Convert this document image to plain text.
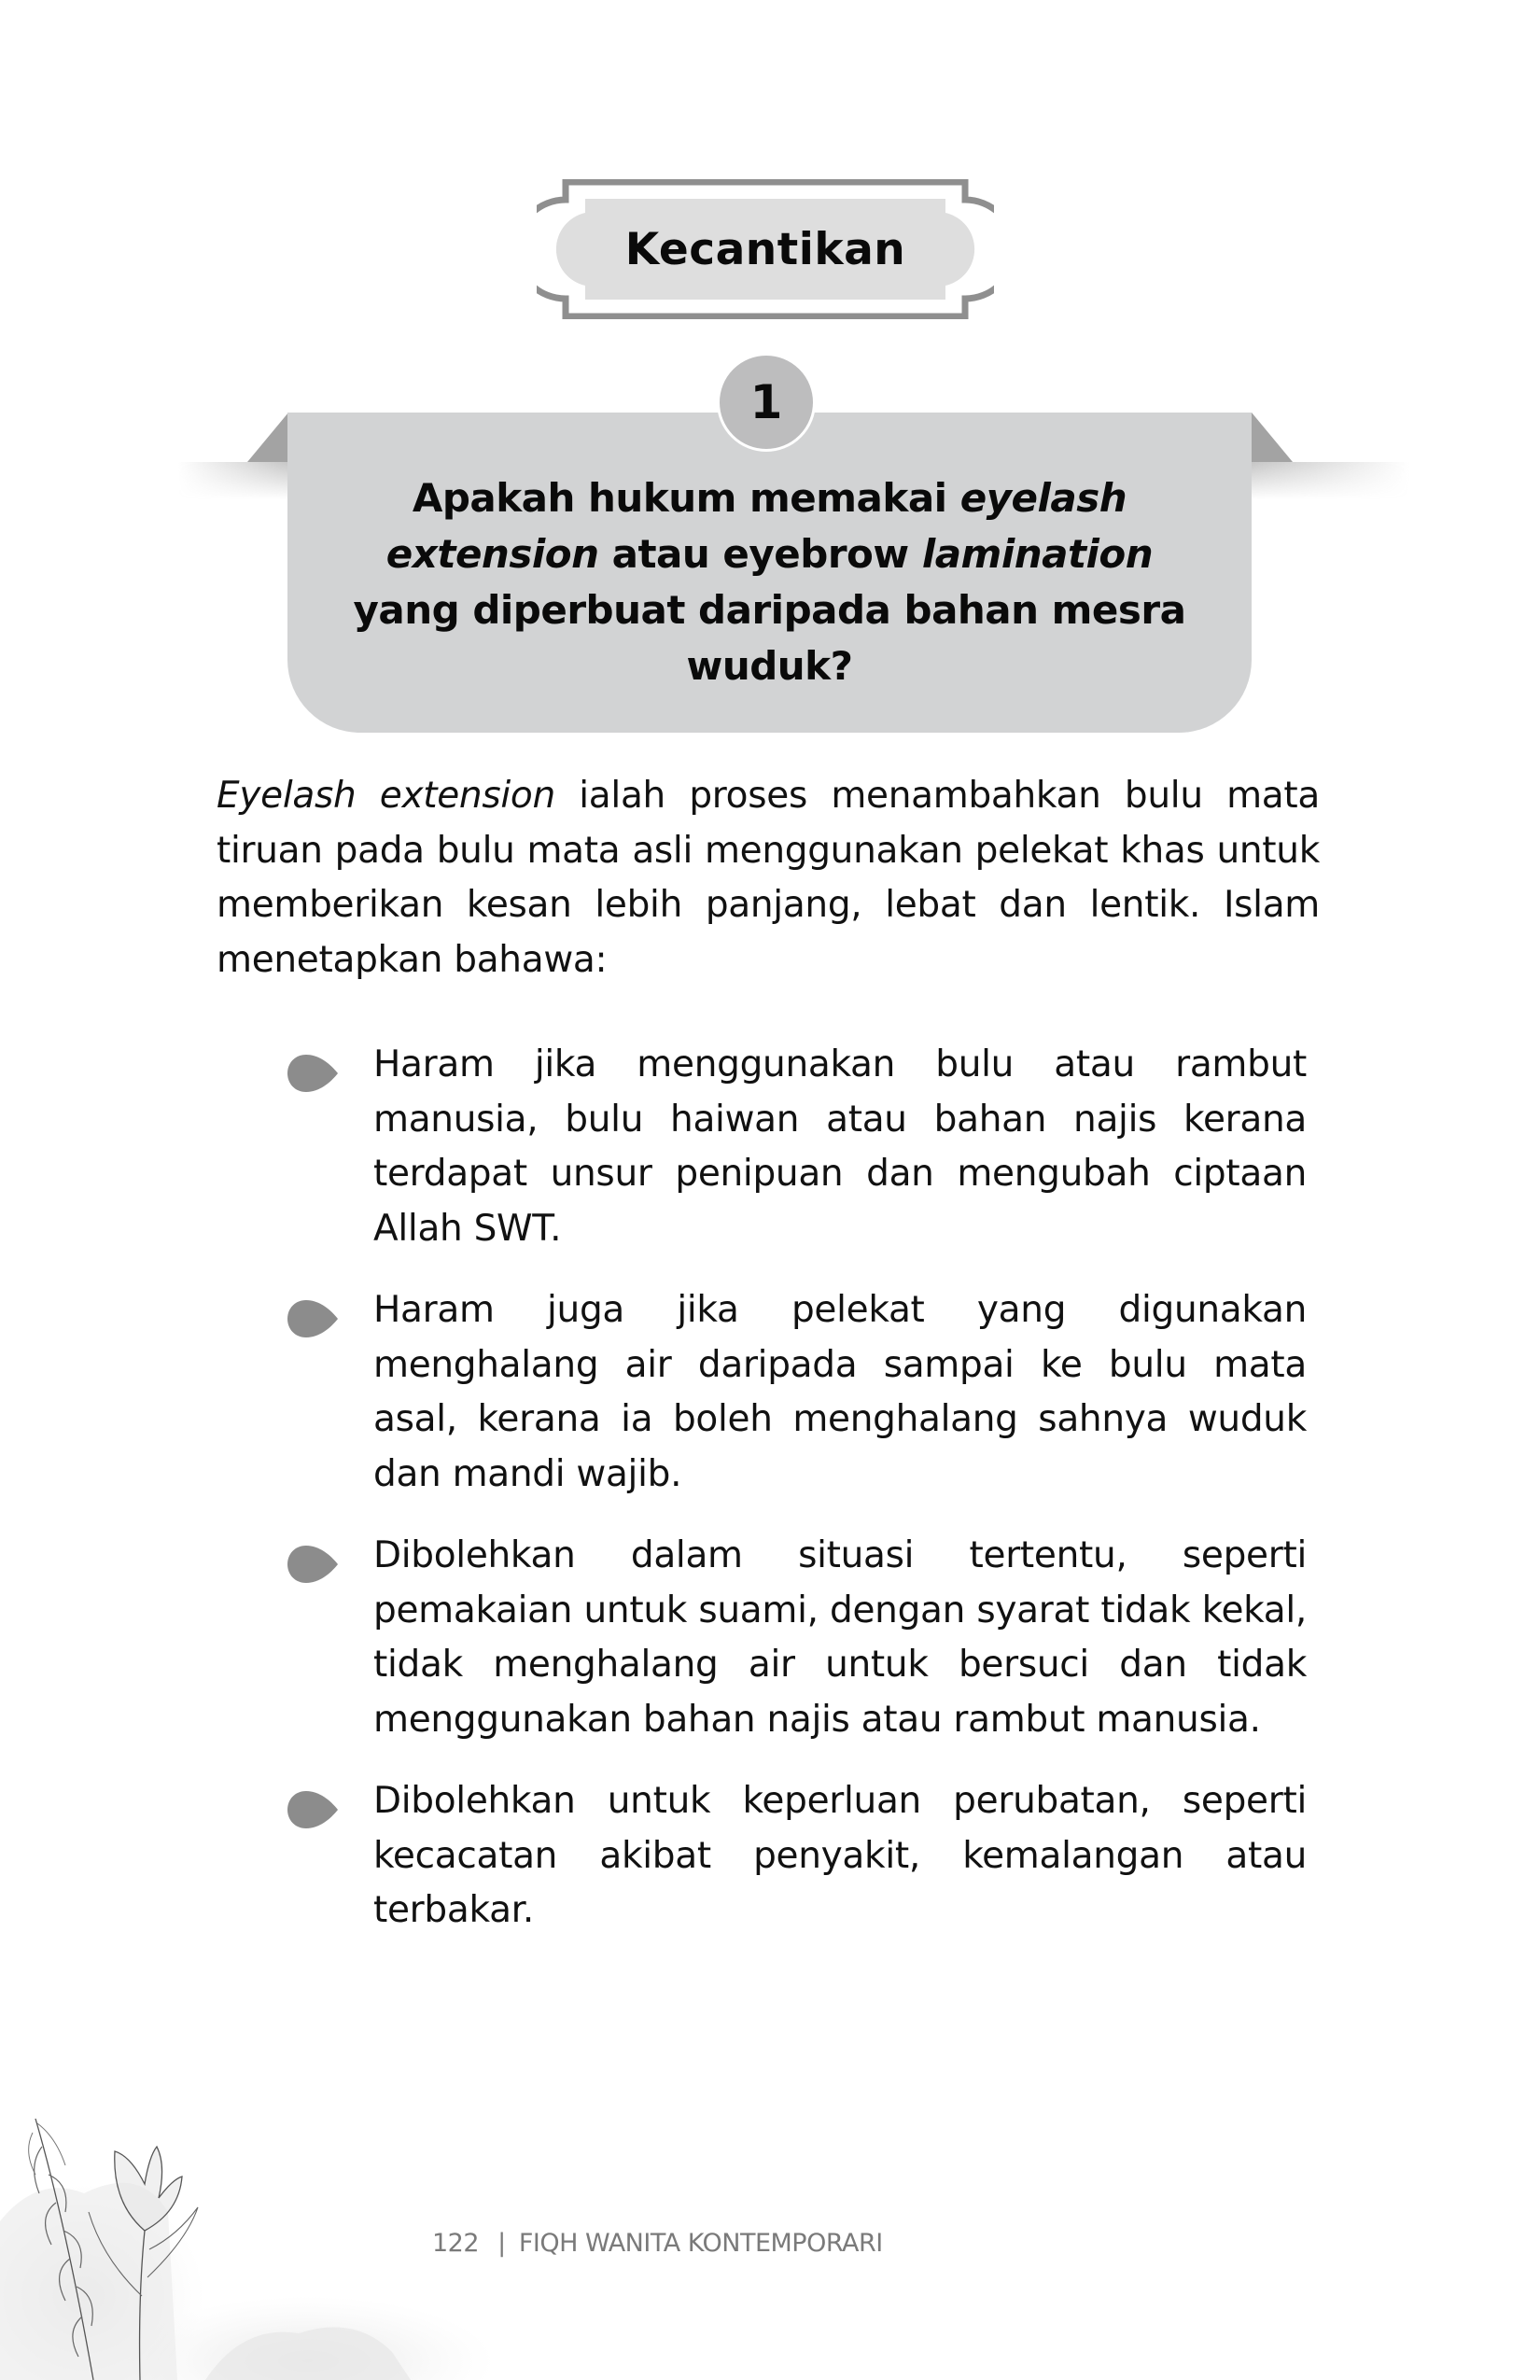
Kecantikan
1
Apakah hukum memakai eyelash
extension atau eyebrow lamination
yang diperbuat daripada bahan mesra
wuduk?

Eyelash extension ialah proses menambahkan bulu mata tiruan pada bulu mata asli menggunakan pelekat khas untuk memberikan kesan lebih panjang, lebat dan lentik. Islam menetapkan bahawa:

Haram jika menggunakan bulu atau rambut manusia, bulu haiwan atau bahan najis kerana terdapat unsur penipuan dan mengubah ciptaan Allah SWT.
Haram juga jika pelekat yang digunakan menghalang air daripada sampai ke bulu mata asal, kerana ia boleh menghalang sahnya wuduk dan mandi wajib.
Dibolehkan dalam situasi tertentu, seperti pemakaian untuk suami, dengan syarat tidak kekal, tidak menghalang air untuk bersuci dan tidak menggunakan bahan najis atau rambut manusia.
Dibolehkan untuk keperluan perubatan, seperti kecacatan akibat penyakit, kemalangan atau terbakar.
122 | FIQH WANITA KONTEMPORARI
